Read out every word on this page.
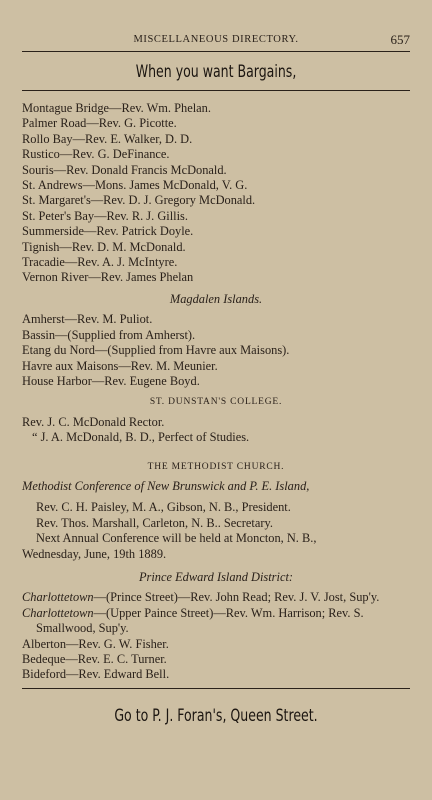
MISCELLANEOUS DIRECTORY.	657
When you want Bargains,
Montague Bridge—Rev. Wm. Phelan.
Palmer Road—Rev. G. Picotte.
Rollo Bay—Rev. E. Walker, D. D.
Rustico—Rev. G. DeFinance.
Souris—Rev. Donald Francis McDonald.
St. Andrews—Mons. James McDonald, V. G.
St. Margaret's—Rev. D. J. Gregory McDonald.
St. Peter's Bay—Rev. R. J. Gillis.
Summerside—Rev. Patrick Doyle.
Tignish—Rev. D. M. McDonald.
Tracadie—Rev. A. J. McIntyre.
Vernon River—Rev. James Phelan
Magdalen Islands.
Amherst—Rev. M. Puliot.
Bassin—(Supplied from Amherst).
Etang du Nord—(Supplied from Havre aux Maisons).
Havre aux Maisons—Rev. M. Meunier.
House Harbor—Rev. Eugene Boyd.
ST. DUNSTAN'S COLLEGE.
Rev. J. C. McDonald Rector.
“ J. A. McDonald, B. D., Perfect of Studies.
THE METHODIST CHURCH.
Methodist Conference of New Brunswick and P. E. Island,
Rev. C. H. Paisley, M. A., Gibson, N. B., President.
Rev. Thos. Marshall, Carleton, N. B.. Secretary.
Next Annual Conference will be held at Moncton, N. B.,
Wednesday, June, 19th 1889.
Prince Edward Island District:
Charlottetown—(Prince Street)—Rev. John Read; Rev. J. V. Jost, Sup'y.
Charlottetown—(Upper Paince Street)—Rev. Wm. Harrison; Rev. S. Smallwood, Sup'y.
Alberton—Rev. G. W. Fisher.
Bedeque—Rev. E. C. Turner.
Bideford—Rev. Edward Bell.
Go to P. J. Foran's, Queen Street.
